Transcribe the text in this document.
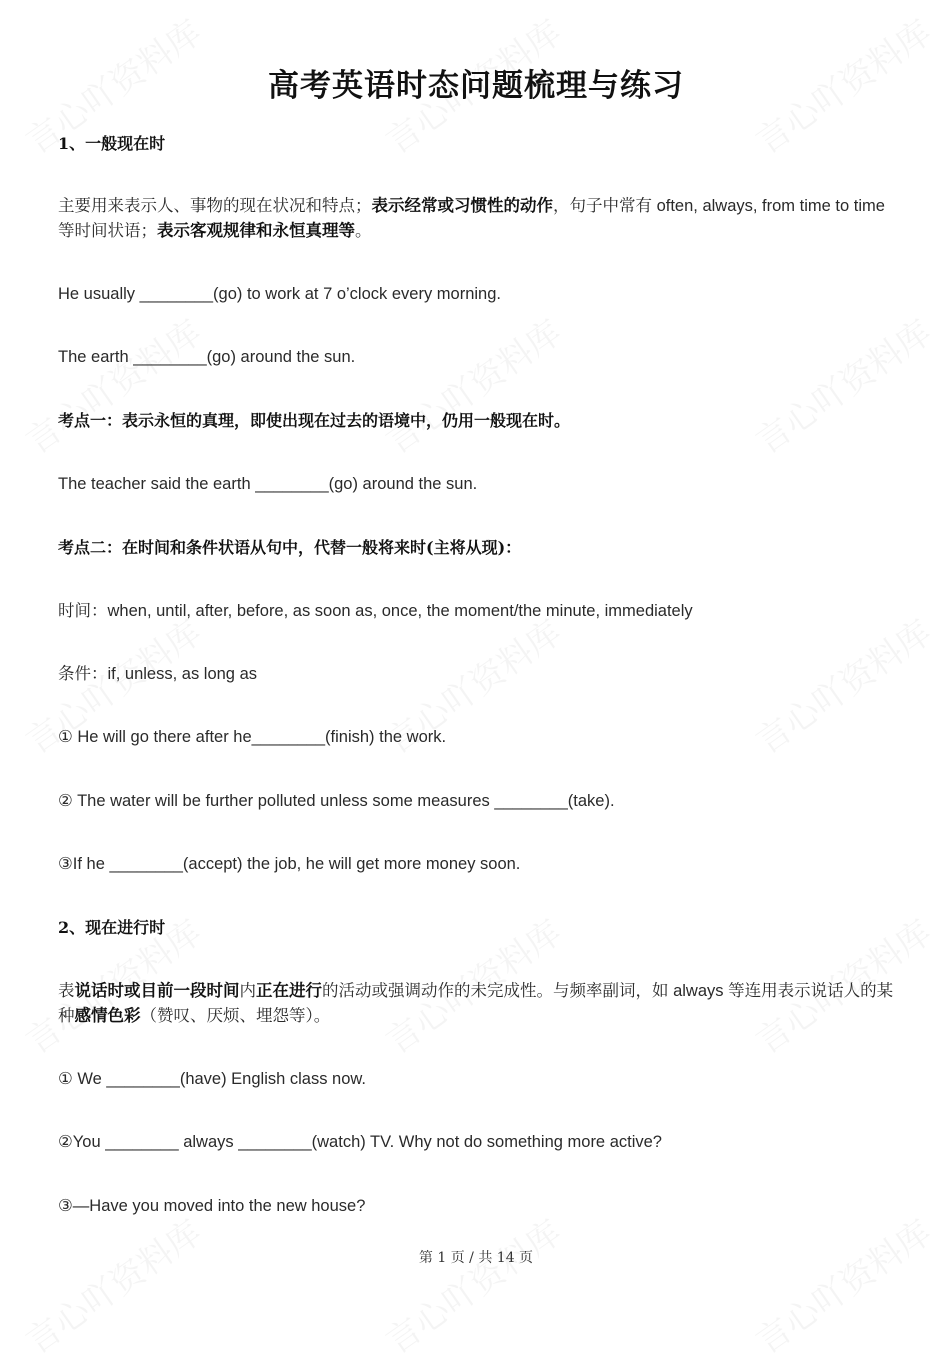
高考英语时态问题梳理与练习
1、一般现在时
主要用来表示人、事物的现在状况和特点；表示经常或习惯性的动作，句子中常有 often, always, from time to time 等时间状语；表示客观规律和永恒真理等。
He usually ________(go) to work at 7 o’clock every morning.
The earth ________(go) around the sun.
考点一：表示永恒的真理，即使出现在过去的语境中，仍用一般现在时。
The teacher said the earth ________(go) around the sun.
考点二：在时间和条件状语从句中，代替一般将来时(主将从现)：
时间：when, until, after, before, as soon as, once, the moment/the minute, immediately
条件：if, unless, as long as
① He will go there after he________(finish) the work.
② The water will be further polluted unless some measures ________(take).
③If he ________(accept) the job, he will get more money soon.
2、现在进行时
表说话时或目前一段时间内正在进行的活动或强调动作的未完成性。与频率副词，如 always 等连用表示说话人的某种感情色彩（赞叹、厌烦、埋怨等）。
① We ________(have) English class now.
②You ________ always ________(watch) TV. Why not do something more active?
③—Have you moved into the new house?
第 1 页 / 共 14 页
